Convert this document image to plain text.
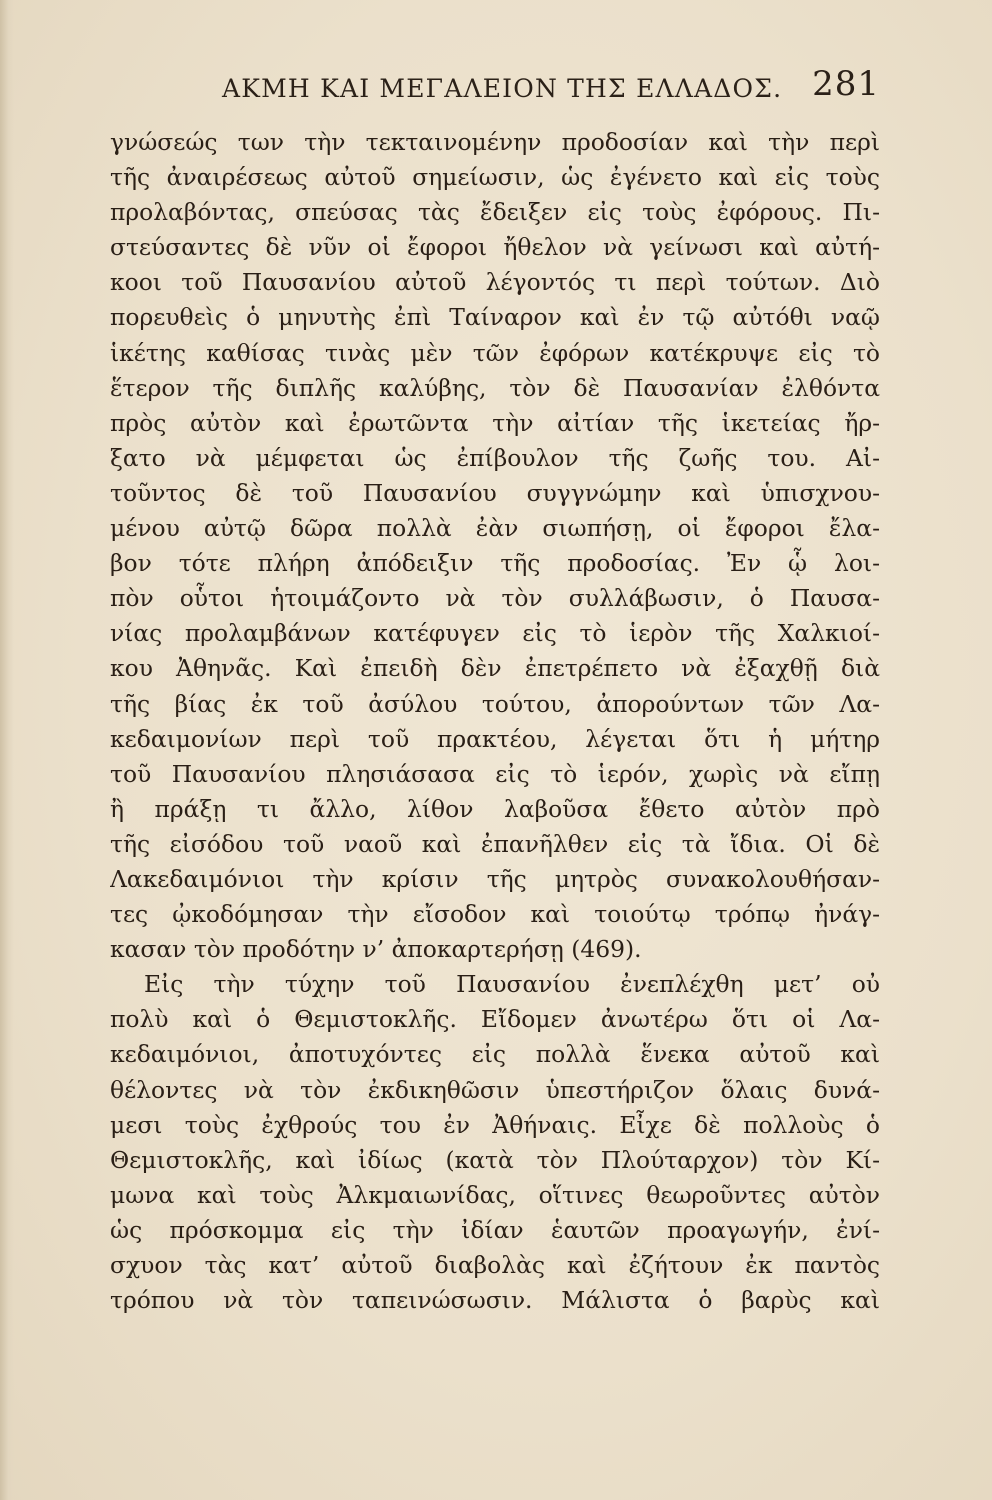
ΑΚΜΗ ΚΑΙ ΜΕΓΑΛΕΙΟΝ ΤΗΣ ΕΛΛΑΔΟΣ. 281
γνώσεώς των τὴν τεκταινομένην προδοσίαν καὶ τὴν περὶ
τῆς ἀναιρέσεως αὐτοῦ σημείωσιν, ὡς ἐγένετο καὶ εἰς τοὺς
προλαβόντας, σπεύσας τὰς ἔδειξεν εἰς τοὺς ἐφόρους. Πι-
στεύσαντες δὲ νῦν οἱ ἔφοροι ἤθελον νὰ γείνωσι καὶ αὐτή-
κοοι τοῦ Παυσανίου αὐτοῦ λέγοντός τι περὶ τούτων. Διὸ
πορευθεὶς ὁ μηνυτὴς ἐπὶ Ταίναρον καὶ ἐν τῷ αὐτόθι ναῷ
ἱκέτης καθίσας τινὰς μὲν τῶν ἐφόρων κατέκρυψε εἰς τὸ
ἕτερον τῆς διπλῆς καλύβης, τὸν δὲ Παυσανίαν ἐλθόντα
πρὸς αὐτὸν καὶ ἐρωτῶντα τὴν αἰτίαν τῆς ἱκετείας ἤρ-
ξατο νὰ μέμφεται ὡς ἐπίβουλον τῆς ζωῆς του. Αἰ-
τοῦντος δὲ τοῦ Παυσανίου συγγνώμην καὶ ὑπισχνου-
μένου αὐτῷ δῶρα πολλὰ ἐὰν σιωπήσῃ, οἱ ἔφοροι ἔλα-
βον τότε πλήρη ἀπόδειξιν τῆς προδοσίας. Ἐν ᾧ λοι-
πὸν οὗτοι ἡτοιμάζοντο νὰ τὸν συλλάβωσιν, ὁ Παυσα-
νίας προλαμβάνων κατέφυγεν εἰς τὸ ἱερὸν τῆς Χαλκιοί-
κου Ἀθηνᾶς. Καὶ ἐπειδὴ δὲν ἐπετρέπετο νὰ ἐξαχθῇ διὰ
τῆς βίας ἐκ τοῦ ἀσύλου τούτου, ἀπορούντων τῶν Λα-
κεδαιμονίων περὶ τοῦ πρακτέου, λέγεται ὅτι ἡ μήτηρ
τοῦ Παυσανίου πλησιάσασα εἰς τὸ ἱερόν, χωρὶς νὰ εἴπῃ
ἢ πράξῃ τι ἄλλο, λίθον λαβοῦσα ἔθετο αὐτὸν πρὸ
τῆς εἰσόδου τοῦ ναοῦ καὶ ἐπανῆλθεν εἰς τὰ ἴδια. Οἱ δὲ
Λακεδαιμόνιοι τὴν κρίσιν τῆς μητρὸς συνακολουθήσαν-
τες ᾠκοδόμησαν τὴν εἴσοδον καὶ τοιούτῳ τρόπῳ ἠνάγ-
κασαν τὸν προδότην ν’ ἀποκαρτερήσῃ (469).
Εἰς τὴν τύχην τοῦ Παυσανίου ἐνεπλέχθη μετ’ οὐ
πολὺ καὶ ὁ Θεμιστοκλῆς. Εἴδομεν ἀνωτέρω ὅτι οἱ Λα-
κεδαιμόνιοι, ἀποτυχόντες εἰς πολλὰ ἕνεκα αὐτοῦ καὶ
θέλοντες νὰ τὸν ἐκδικηθῶσιν ὑπεστήριζον ὅλαις δυνά-
μεσι τοὺς ἐχθρούς του ἐν Ἀθήναις. Εἶχε δὲ πολλοὺς ὁ
Θεμιστοκλῆς, καὶ ἰδίως (κατὰ τὸν Πλούταρχον) τὸν Κί-
μωνα καὶ τοὺς Ἀλκμαιωνίδας, οἵτινες θεωροῦντες αὐτὸν
ὡς πρόσκομμα εἰς τὴν ἰδίαν ἑαυτῶν προαγωγήν, ἐνί-
σχυον τὰς κατ’ αὐτοῦ διαβολὰς καὶ ἐζήτουν ἐκ παντὸς
τρόπου νὰ τὸν ταπεινώσωσιν. Μάλιστα ὁ βαρὺς καὶ
